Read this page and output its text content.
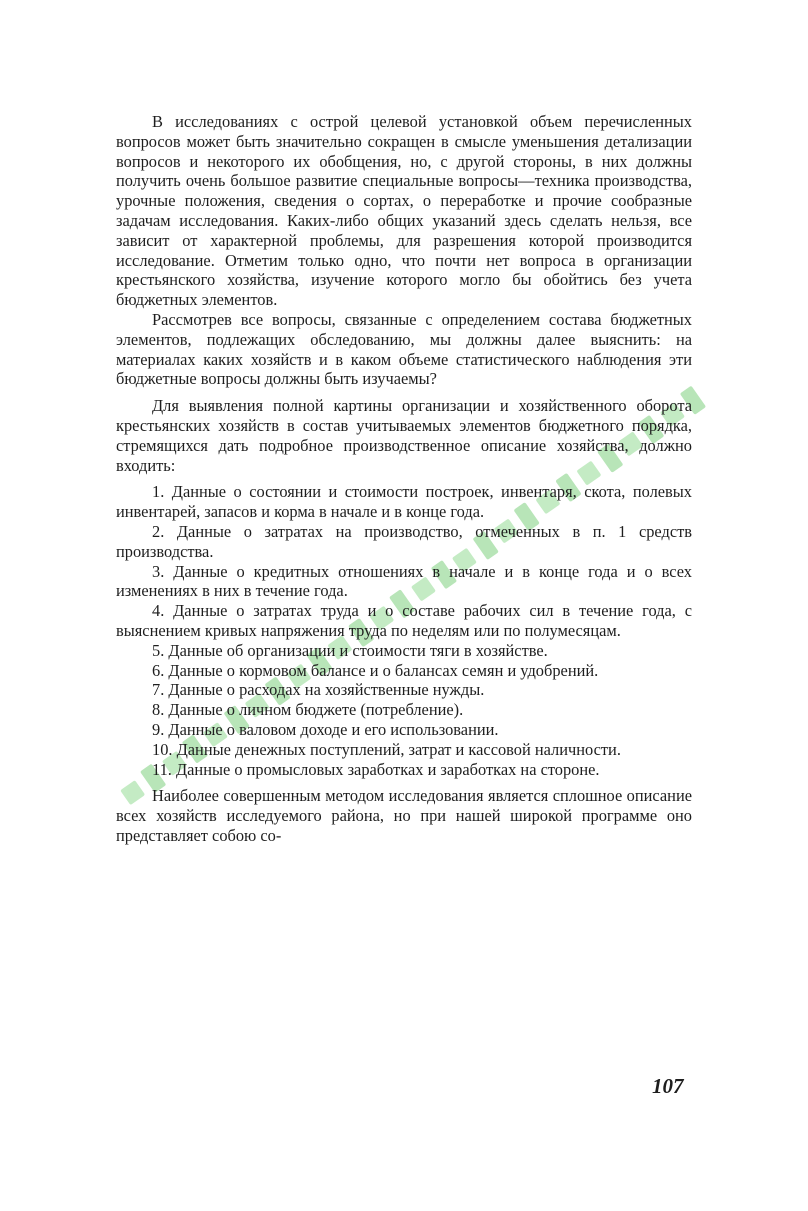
В исследованиях с острой целевой установкой объем перечисленных вопросов может быть значительно сокращен в смысле уменьшения детализации вопросов и некоторого их обобщения, но, с другой стороны, в них должны получить очень большое развитие специальные вопросы—техника производства, урочные положения, сведения о сортах, о переработке и прочие сообразные задачам исследования. Каких-либо общих указаний здесь сделать нельзя, все зависит от характерной проблемы, для разрешения которой производится исследование. Отметим только одно, что почти нет вопроса в организации крестьянского хозяйства, изучение которого могло бы обойтись без учета бюджетных элементов.

Рассмотрев все вопросы, связанные с определением состава бюджетных элементов, подлежащих обследованию, мы должны далее выяснить: на материалах каких хозяйств и в каком объеме статистического наблюдения эти бюджетные вопросы должны быть изучаемы?

Для выявления полной картины организации и хозяйственного оборота крестьянских хозяйств в состав учитываемых элементов бюджетного порядка, стремящихся дать подробное производственное описание хозяйства, должно входить:

1. Данные о состоянии и стоимости построек, инвентаря, скота, полевых инвентарей, запасов и корма в начале и в конце года.

2. Данные о затратах на производство, отмеченных в п. 1 средств производства.

3. Данные о кредитных отношениях в начале и в конце года и о всех изменениях в них в течение года.

4. Данные о затратах труда и о составе рабочих сил в течение года, с выяснением кривых напряжения труда по неделям или по полумесяцам.

5. Данные об организации и стоимости тяги в хозяйстве.

6. Данные о кормовом балансе и о балансах семян и удобрений.

7. Данные о расходах на хозяйственные нужды.

8. Данные о личном бюджете (потребление).

9. Данные о валовом доходе и его использовании.

10. Данные денежных поступлений, затрат и кассовой наличности.

11. Данные о промысловых заработках и заработках на стороне.

Наиболее совершенным методом исследования является сплошное описание всех хозяйств исследуемого района, но при нашей широкой программе оно представляет собою со-

107
